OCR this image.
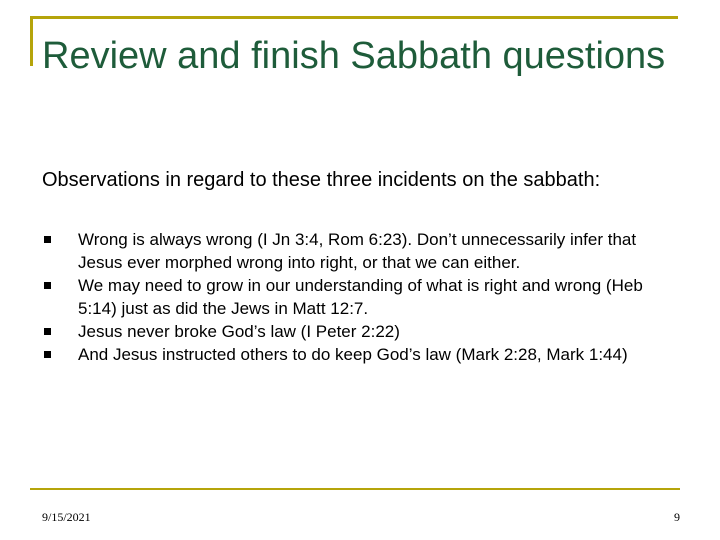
Review and finish Sabbath questions

Observations in regard to these three incidents on the sabbath:

Wrong is always wrong (I Jn 3:4, Rom 6:23). Don’t unnecessarily infer that Jesus ever morphed wrong into right, or that we can either.
We may need to grow in our understanding of what is right and wrong (Heb 5:14) just as did the Jews in Matt 12:7.
Jesus never broke God’s law (I Peter 2:22)
And Jesus instructed others to do keep God’s law (Mark 2:28, Mark 1:44)
9/15/2021	9
